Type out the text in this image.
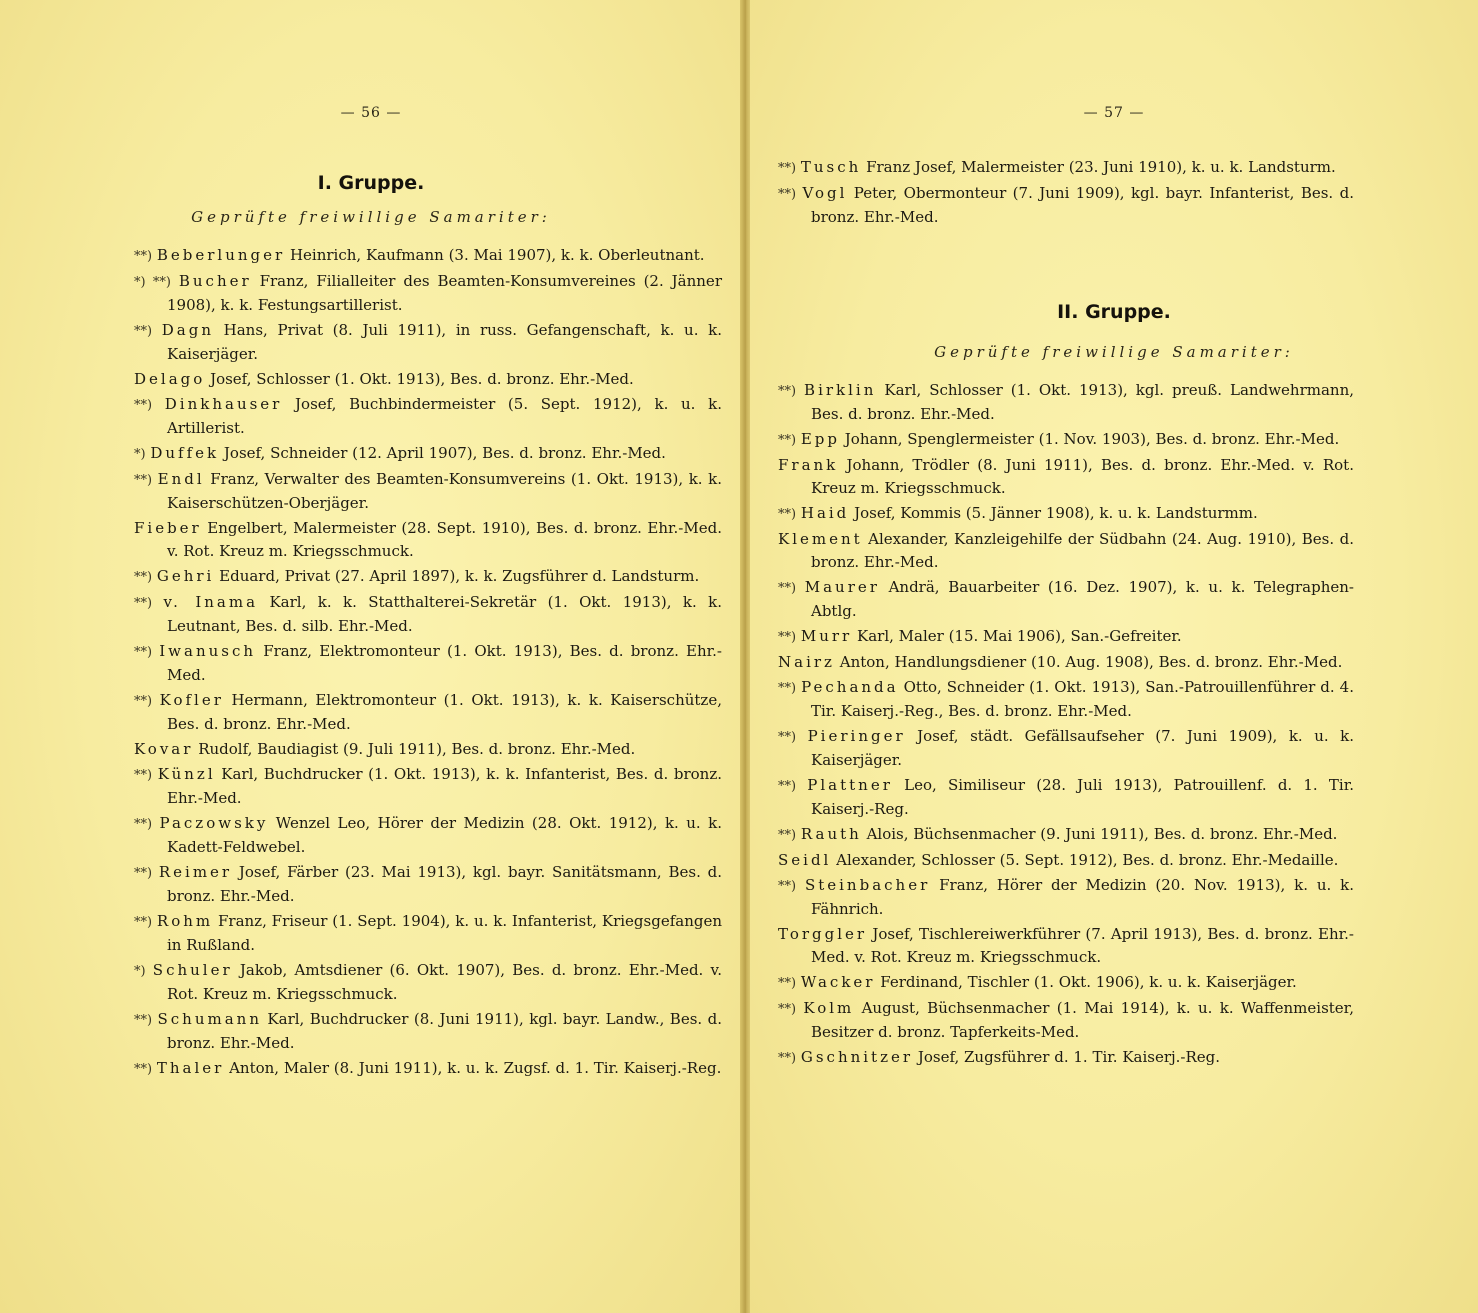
— 56 —
I. Gruppe.
Geprüfte freiwillige Samariter:
**) Beberlunger Heinrich, Kaufmann (3. Mai 1907), k. k. Oberleutnant.
*) **) Bucher Franz, Filialleiter des Beamten-Konsumvereines (2. Jänner 1908), k. k. Festungsartillerist.
**) Dagn Hans, Privat (8. Juli 1911), in russ. Gefangenschaft, k. u. k. Kaiserjäger.
Delago Josef, Schlosser (1. Okt. 1913), Bes. d. bronz. Ehr.-Med.
**) Dinkhauser Josef, Buchbindermeister (5. Sept. 1912), k. u. k. Artillerist.
*) Duffek Josef, Schneider (12. April 1907), Bes. d. bronz. Ehr.-Med.
**) Endl Franz, Verwalter des Beamten-Konsumvereins (1. Okt. 1913), k. k. Kaiserschützen-Oberjäger.
Fieber Engelbert, Malermeister (28. Sept. 1910), Bes. d. bronz. Ehr.-Med. v. Rot. Kreuz m. Kriegsschmuck.
**) Gehri Eduard, Privat (27. April 1897), k. k. Zugsführer d. Landsturm.
**) v. Inama Karl, k. k. Statthalterei-Sekretär (1. Okt. 1913), k. k. Leutnant, Bes. d. silb. Ehr.-Med.
**) Iwanusch Franz, Elektromonteur (1. Okt. 1913), Bes. d. bronz. Ehr.-Med.
**) Kofler Hermann, Elektromonteur (1. Okt. 1913), k. k. Kaiserschütze, Bes. d. bronz. Ehr.-Med.
Kovar Rudolf, Baudiagist (9. Juli 1911), Bes. d. bronz. Ehr.-Med.
**) Künzl Karl, Buchdrucker (1. Okt. 1913), k. k. Infanterist, Bes. d. bronz. Ehr.-Med.
**) Paczowsky Wenzel Leo, Hörer der Medizin (28. Okt. 1912), k. u. k. Kadett-Feldwebel.
**) Reimer Josef, Färber (23. Mai 1913), kgl. bayr. Sanitätsmann, Bes. d. bronz. Ehr.-Med.
**) Rohm Franz, Friseur (1. Sept. 1904), k. u. k. Infanterist, Kriegsgefangen in Rußland.
*) Schuler Jakob, Amtsdiener (6. Okt. 1907), Bes. d. bronz. Ehr.-Med. v. Rot. Kreuz m. Kriegsschmuck.
**) Schumann Karl, Buchdrucker (8. Juni 1911), kgl. bayr. Landw., Bes. d. bronz. Ehr.-Med.
**) Thaler Anton, Maler (8. Juni 1911), k. u. k. Zugsf. d. 1. Tir. Kaiserj.-Reg.
— 57 —
**) Tusch Franz Josef, Malermeister (23. Juni 1910), k. u. k. Landsturm.
**) Vogl Peter, Obermonteur (7. Juni 1909), kgl. bayr. Infanterist, Bes. d. bronz. Ehr.-Med.
II. Gruppe.
Geprüfte freiwillige Samariter:
**) Birklin Karl, Schlosser (1. Okt. 1913), kgl. preuß. Landwehrmann, Bes. d. bronz. Ehr.-Med.
**) Epp Johann, Spenglermeister (1. Nov. 1903), Bes. d. bronz. Ehr.-Med.
Frank Johann, Trödler (8. Juni 1911), Bes. d. bronz. Ehr.-Med. v. Rot. Kreuz m. Kriegsschmuck.
**) Haid Josef, Kommis (5. Jänner 1908), k. u. k. Landsturmm.
Klement Alexander, Kanzleigehilfe der Südbahn (24. Aug. 1910), Bes. d. bronz. Ehr.-Med.
**) Maurer Andrä, Bauarbeiter (16. Dez. 1907), k. u. k. Telegraphen-Abtlg.
**) Murr Karl, Maler (15. Mai 1906), San.-Gefreiter.
Nairz Anton, Handlungsdiener (10. Aug. 1908), Bes. d. bronz. Ehr.-Med.
**) Pechanda Otto, Schneider (1. Okt. 1913), San.-Patrouillenführer d. 4. Tir. Kaiserj.-Reg., Bes. d. bronz. Ehr.-Med.
**) Pieringer Josef, städt. Gefällsaufseher (7. Juni 1909), k. u. k. Kaiserjäger.
**) Plattner Leo, Similiseur (28. Juli 1913), Patrouillenf. d. 1. Tir. Kaiserj.-Reg.
**) Rauth Alois, Büchsenmacher (9. Juni 1911), Bes. d. bronz. Ehr.-Med.
Seidl Alexander, Schlosser (5. Sept. 1912), Bes. d. bronz. Ehr.-Medaille.
**) Steinbacher Franz, Hörer der Medizin (20. Nov. 1913), k. u. k. Fähnrich.
Torggler Josef, Tischlereiwerkführer (7. April 1913), Bes. d. bronz. Ehr.-Med. v. Rot. Kreuz m. Kriegsschmuck.
**) Wacker Ferdinand, Tischler (1. Okt. 1906), k. u. k. Kaiserjäger.
**) Kolm August, Büchsenmacher (1. Mai 1914), k. u. k. Waffenmeister, Besitzer d. bronz. Tapferkeits-Med.
**) Gschnitzer Josef, Zugsführer d. 1. Tir. Kaiserj.-Reg.
